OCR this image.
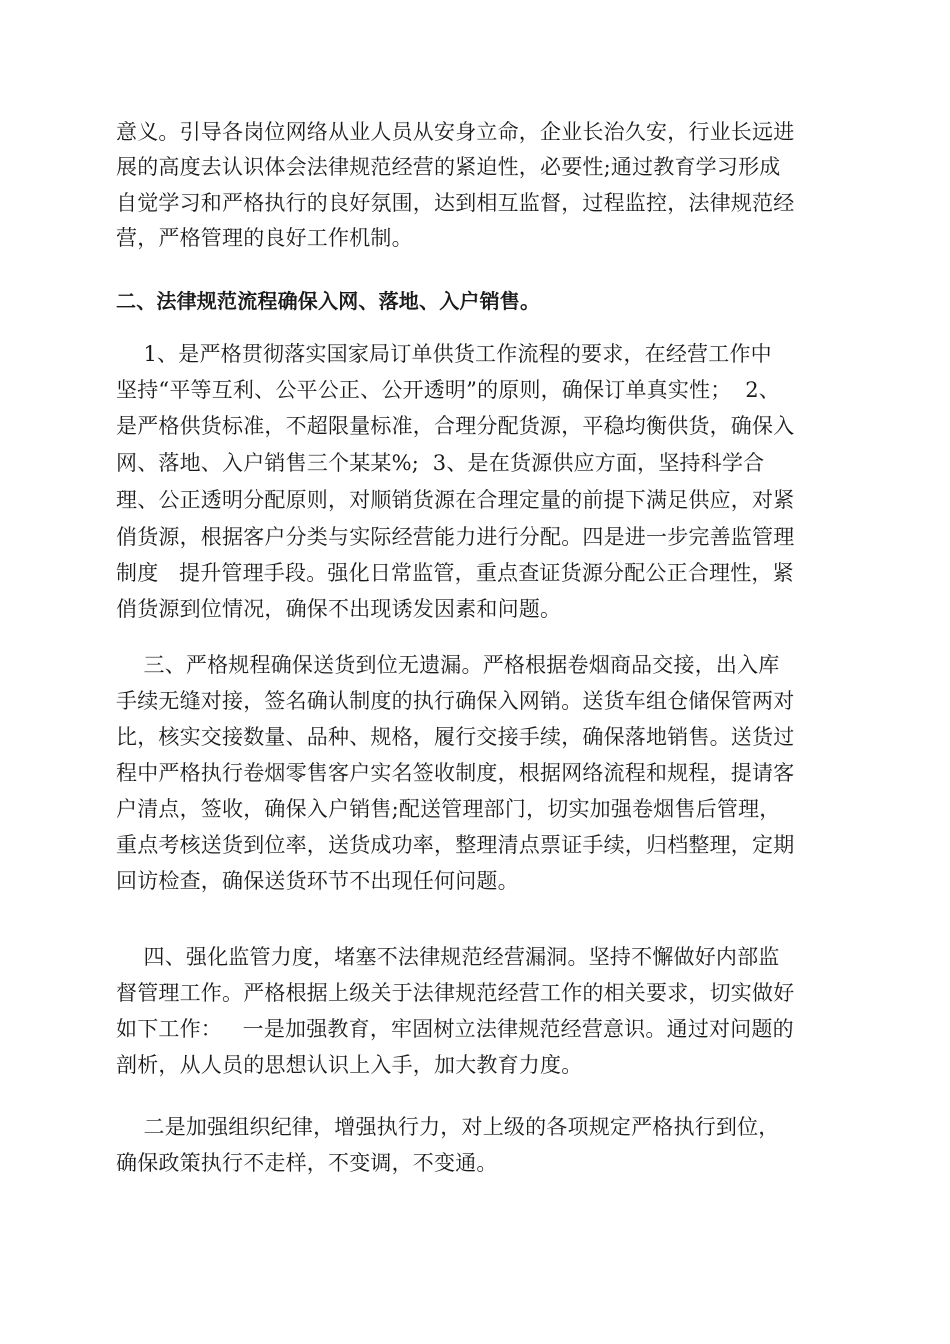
意义。引导各岗位网络从业人员从安身立命，企业长治久安，行业长远进
展的高度去认识体会法律规范经营的紧迫性，必要性;通过教育学习形成
自觉学习和严格执行的良好氛围，达到相互监督，过程监控，法律规范经
营，严格管理的良好工作机制。
二、法律规范流程确保入网、落地、入户销售。
1、是严格贯彻落实国家局订单供货工作流程的要求，在经营工作中
坚持“平等互利、公平公正、公开透明”的原则，确保订单真实性；  2、
是严格供货标准，不超限量标准，合理分配货源，平稳均衡供货，确保入
网、落地、入户销售三个某某%;  3、是在货源供应方面，坚持科学合
理、公正透明分配原则，对顺销货源在合理定量的前提下满足供应，对紧
俏货源，根据客户分类与实际经营能力进行分配。四是进一步完善监管理
制度   提升管理手段。强化日常监管，重点查证货源分配公正合理性，紧
俏货源到位情况，确保不出现诱发因素和问题。
三、严格规程确保送货到位无遗漏。严格根据卷烟商品交接，出入库
手续无缝对接，签名确认制度的执行确保入网销。送货车组仓储保管两对
比，核实交接数量、品种、规格，履行交接手续，确保落地销售。送货过
程中严格执行卷烟零售客户实名签收制度，根据网络流程和规程，提请客
户清点，签收，确保入户销售;配送管理部门，切实加强卷烟售后管理，
重点考核送货到位率，送货成功率，整理清点票证手续，归档整理，定期
回访检查，确保送货环节不出现任何问题。
四、强化监管力度，堵塞不法律规范经营漏洞。坚持不懈做好内部监
督管理工作。严格根据上级关于法律规范经营工作的相关要求，切实做好
如下工作：   一是加强教育，牢固树立法律规范经营意识。通过对问题的
剖析，从人员的思想认识上入手，加大教育力度。
二是加强组织纪律，增强执行力，对上级的各项规定严格执行到位，
确保政策执行不走样，不变调，不变通。
